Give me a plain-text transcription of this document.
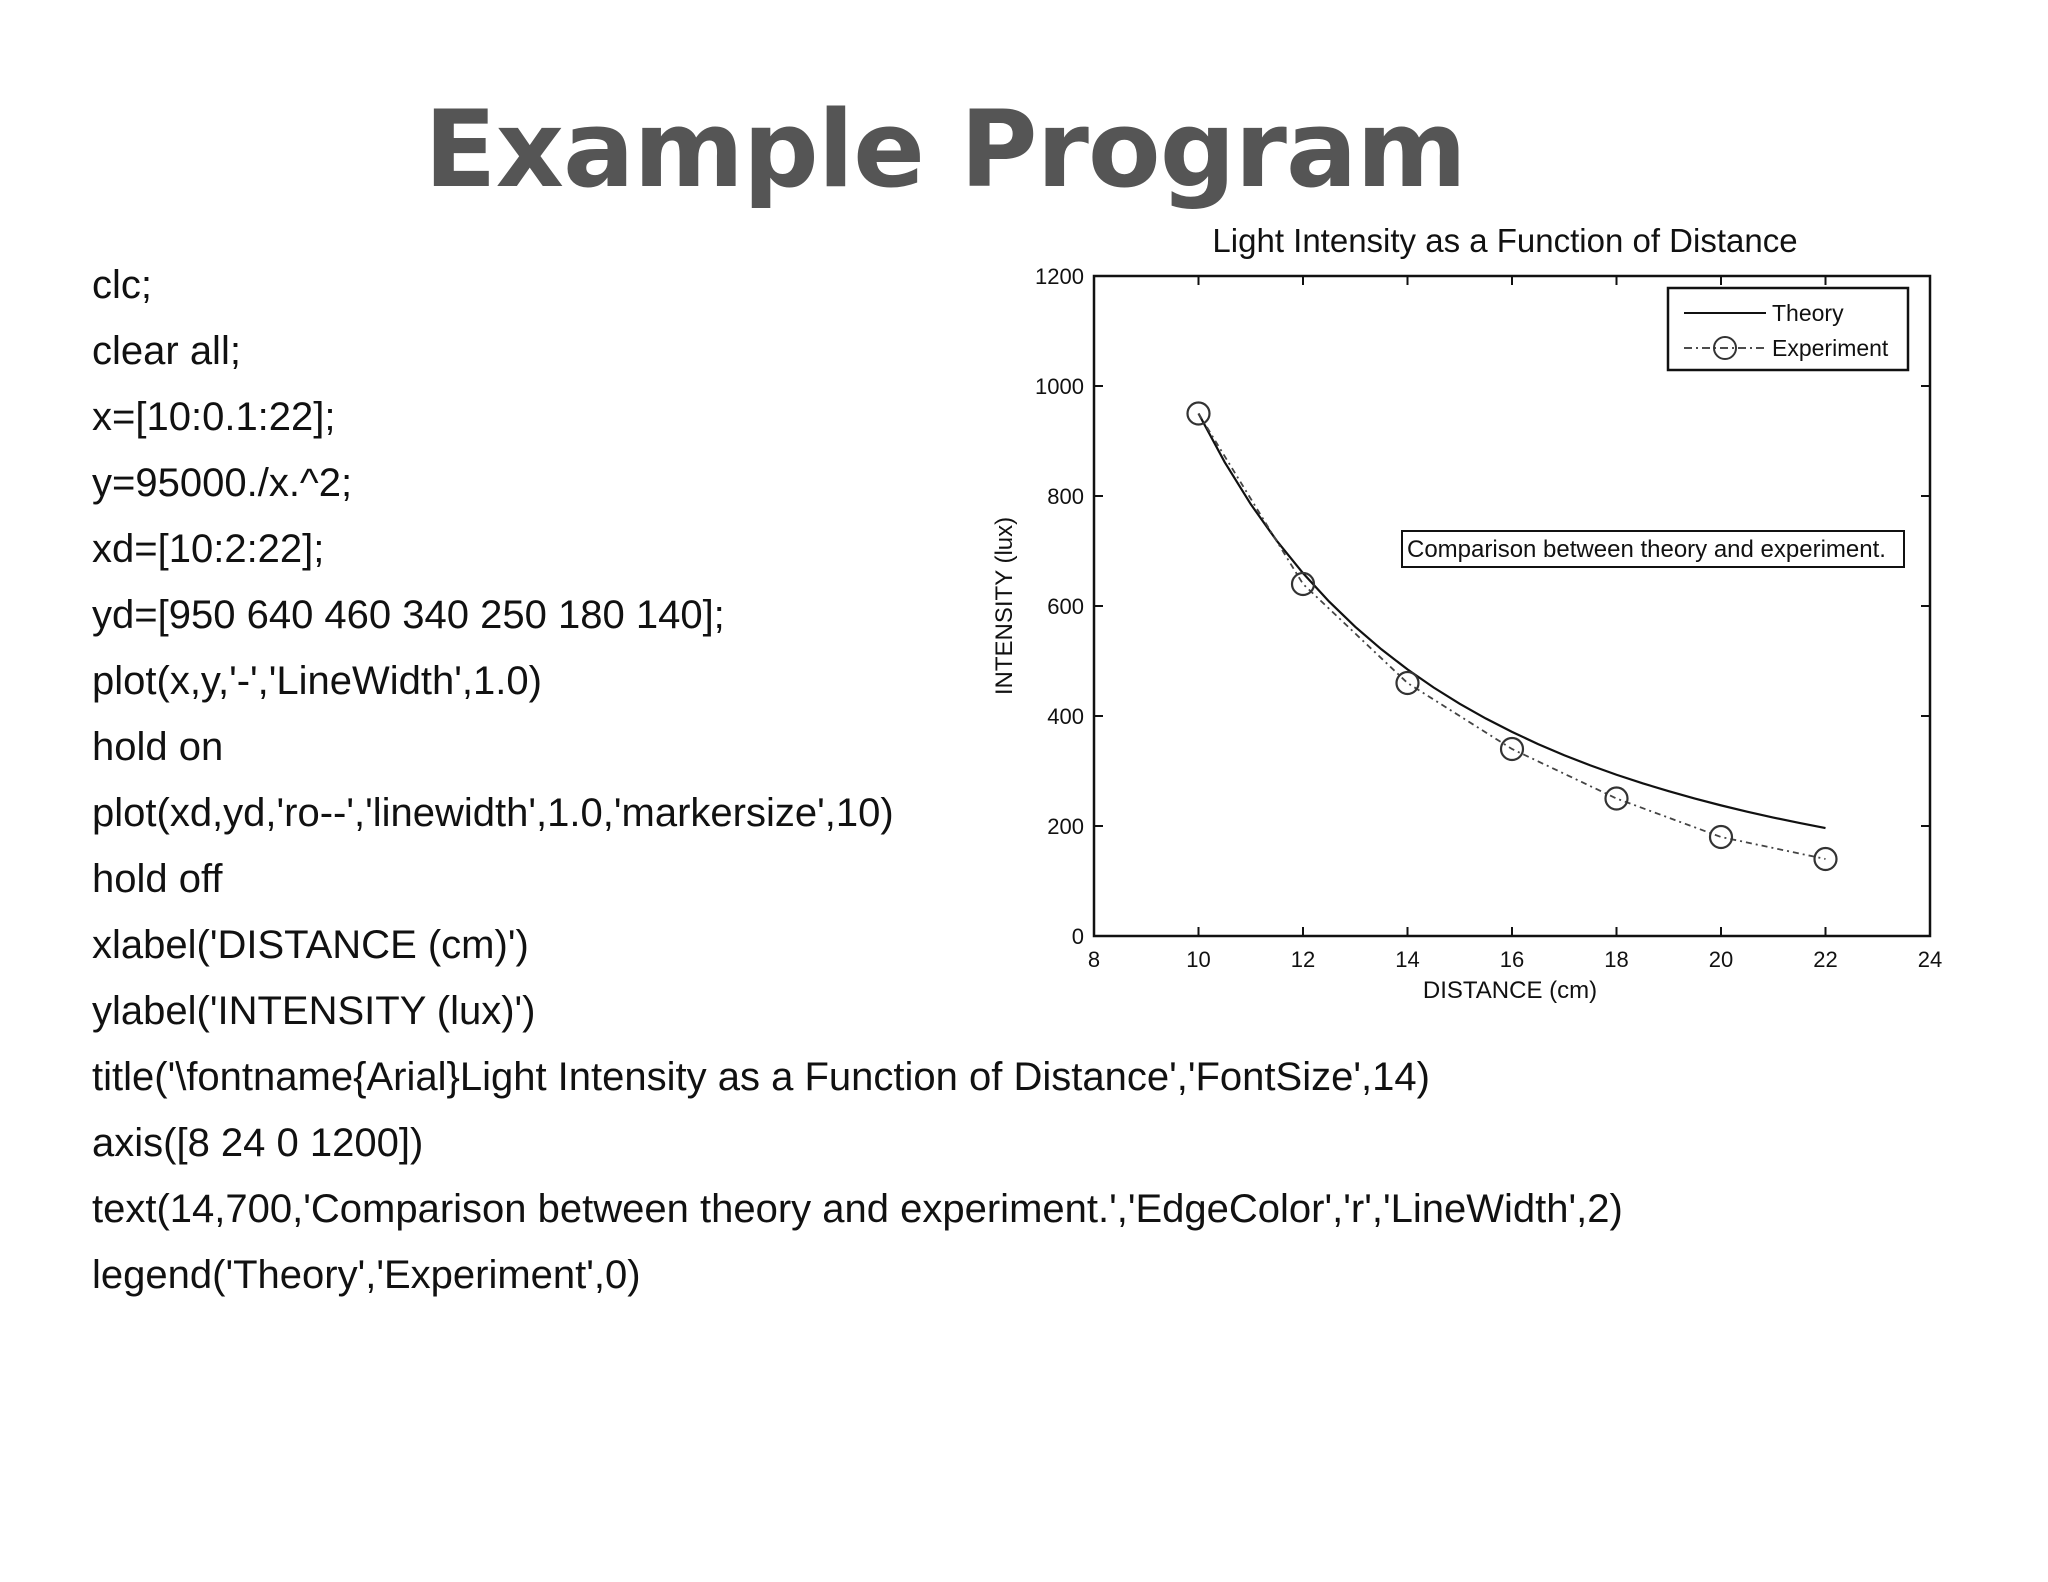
Example Program
clc;
clear all;
x=[10:0.1:22];
y=95000./x.^2;
xd=[10:2:22];
yd=[950 640 460 340 250 180 140];
plot(x,y,'-','LineWidth',1.0)
hold on
plot(xd,yd,'ro--','linewidth',1.0,'markersize',10)
hold off
xlabel('DISTANCE (cm)')
ylabel('INTENSITY (lux)')
title('\fontname{Arial}Light Intensity as a Function of Distance','FontSize',14)
axis([8 24 0 1200])
text(14,700,'Comparison between theory and experiment.','EdgeColor','r','LineWidth',2)
legend('Theory','Experiment',0)
Light Intensity as a Function of Distance
8	10	12	14	16	18	20	22	24
0
200
400
600
800
1000
1200
DISTANCE (cm)
INTENSITY (lux)	Comparison between theory and experiment.
Theory
Experiment
